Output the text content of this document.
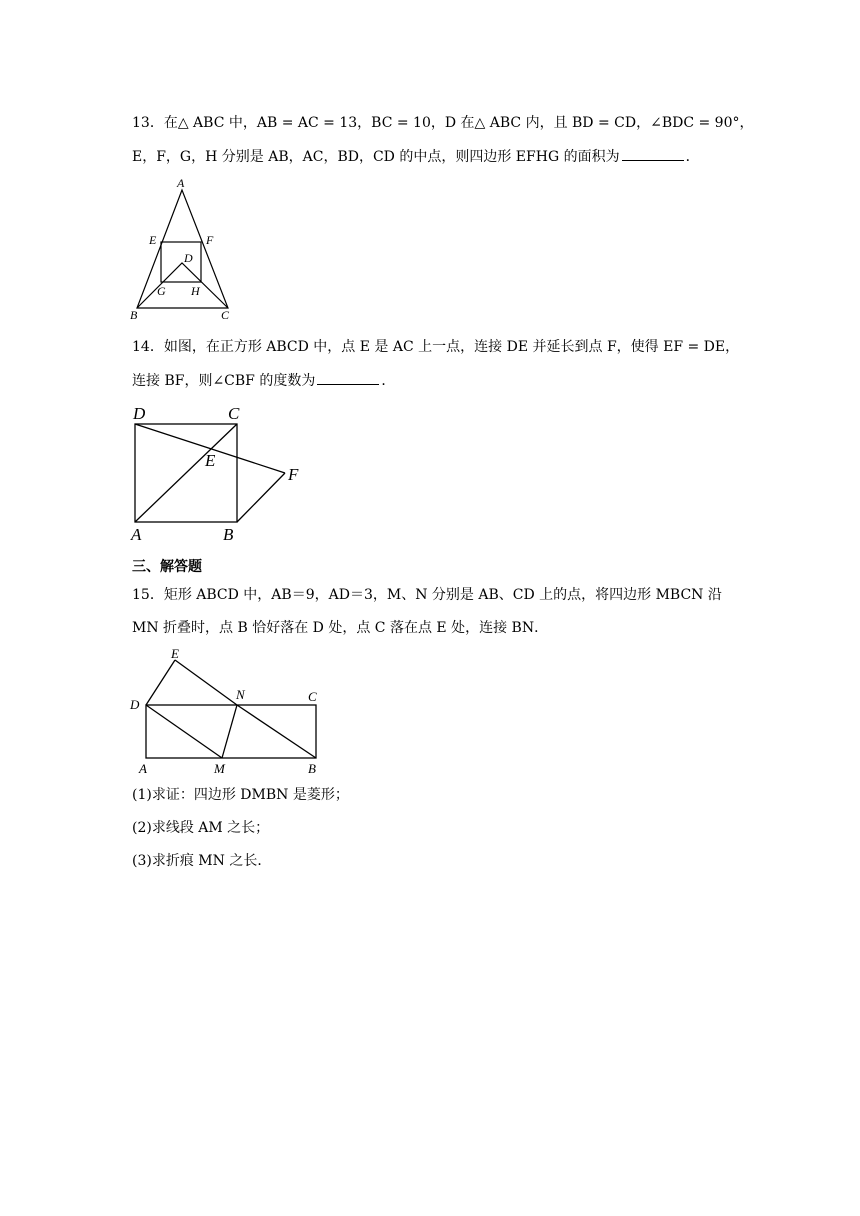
13．在△ ABC 中，AB = AC = 13，BC = 10，D 在△ ABC 内，且 BD = CD，∠BDC = 90°，
E，F，G，H 分别是 AB，AC，BD，CD 的中点，则四边形 EFHG 的面积为	．
A
E	F
D
G H
B	C
14．如图，在正方形 ABCD 中，点 E 是 AC 上一点，连接 DE 并延长到点 F，使得 EF = DE，
连接 BF，则∠CBF 的度数为	．
D	C
E
F
A	B
三、解答题
15．矩形 ABCD 中，AB＝9，AD＝3，M、N 分别是 AB、CD 上的点，将四边形 MBCN 沿
MN 折叠时，点 B 恰好落在 D 处，点 C 落在点 E 处，连接 BN．
E
N	C
D
A	M	B
(1)求证：四边形 DMBN 是菱形；
(2)求线段 AM 之长；
(3)求折痕 MN 之长．
